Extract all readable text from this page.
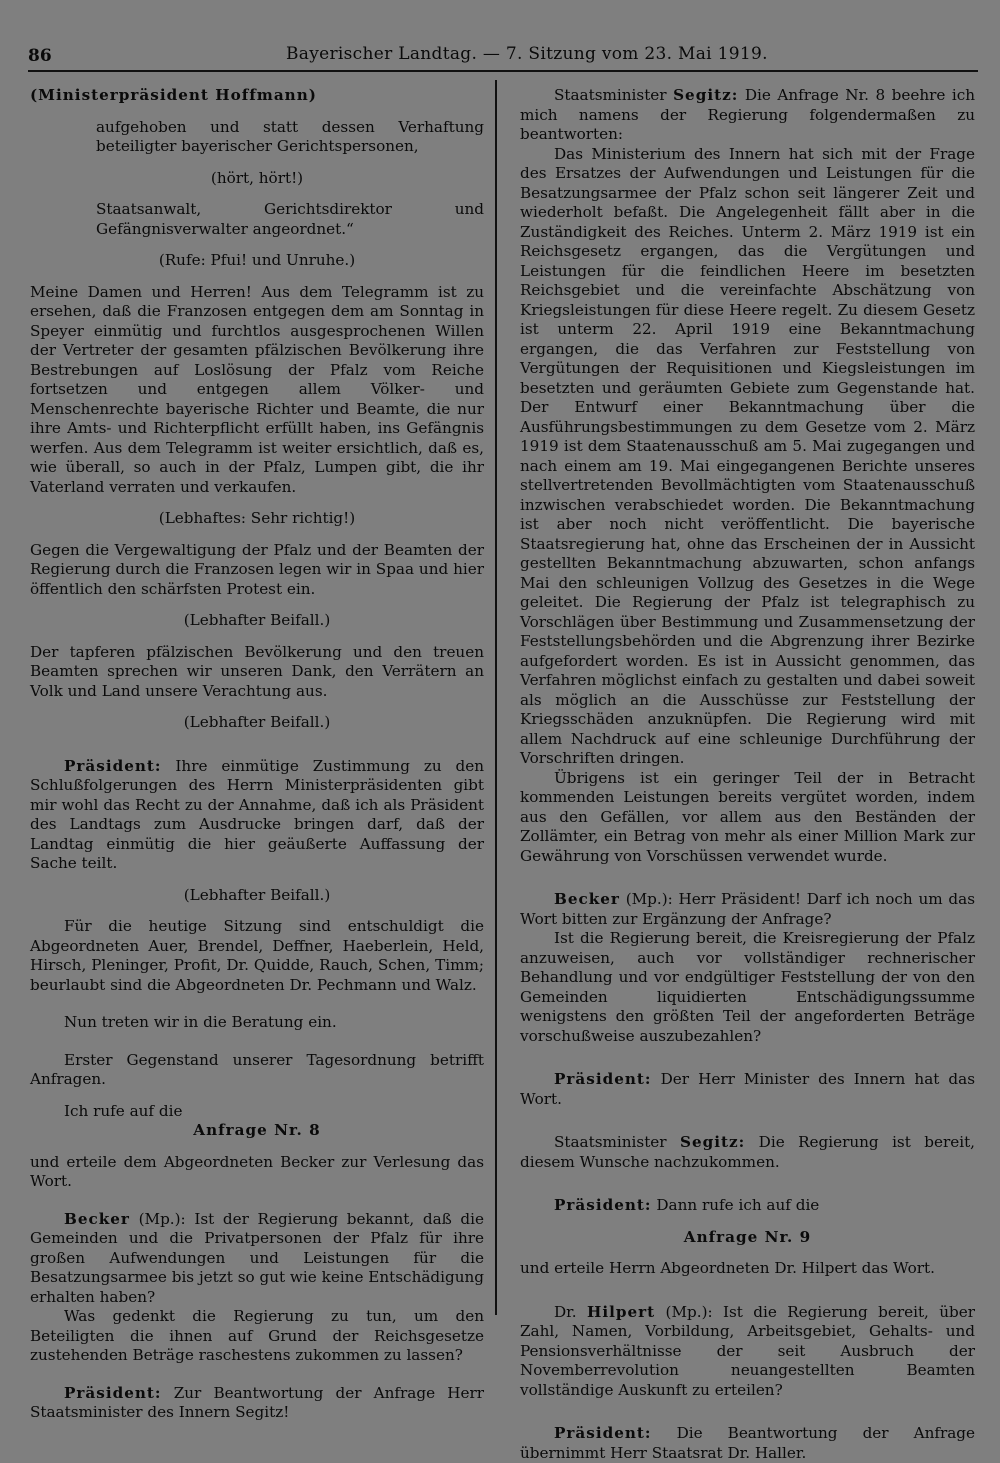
86	Bayerischer Landtag. — 7. Sitzung vom 23. Mai 1919.

(Ministerpräsident Hoffmann)

aufgehoben und statt dessen Verhaftung beteiligter bayerischer Gerichtspersonen,

(hört, hört!)

Staatsanwalt, Gerichtsdirektor und Gefängnisverwalter angeordnet.“

(Rufe: Pfui! und Unruhe.)

Meine Damen und Herren! Aus dem Telegramm ist zu ersehen, daß die Franzosen entgegen dem am Sonntag in Speyer einmütig und furchtlos ausgesprochenen Willen der Vertreter der gesamten pfälzischen Bevölkerung ihre Bestrebungen auf Loslösung der Pfalz vom Reiche fortsetzen und entgegen allem Völker- und Menschenrechte bayerische Richter und Beamte, die nur ihre Amts- und Richterpflicht erfüllt haben, ins Gefängnis werfen. Aus dem Telegramm ist weiter ersichtlich, daß es, wie überall, so auch in der Pfalz, Lumpen gibt, die ihr Vaterland verraten und verkaufen.

(Lebhaftes: Sehr richtig!)

Gegen die Vergewaltigung der Pfalz und der Beamten der Regierung durch die Franzosen legen wir in Spaa und hier öffentlich den schärfsten Protest ein.

(Lebhafter Beifall.)

Der tapferen pfälzischen Bevölkerung und den treuen Beamten sprechen wir unseren Dank, den Verrätern an Volk und Land unsere Verachtung aus.

(Lebhafter Beifall.)

Präsident: Ihre einmütige Zustimmung zu den Schlußfolgerungen des Herrn Ministerpräsidenten gibt mir wohl das Recht zu der Annahme, daß ich als Präsident des Landtags zum Ausdrucke bringen darf, daß der Landtag einmütig die hier geäußerte Auffassung der Sache teilt.

(Lebhafter Beifall.)

Für die heutige Sitzung sind entschuldigt die Abgeordneten Auer, Brendel, Deffner, Haeberlein, Held, Hirsch, Pleninger, Profit, Dr. Quidde, Rauch, Schen, Timm; beurlaubt sind die Abgeordneten Dr. Pechmann und Walz.

Nun treten wir in die Beratung ein.

Erster Gegenstand unserer Tagesordnung betrifft Anfragen.

Ich rufe auf die

Anfrage Nr. 8

und erteile dem Abgeordneten Becker zur Verlesung das Wort.

Becker (Mp.): Ist der Regierung bekannt, daß die Gemeinden und die Privatpersonen der Pfalz für ihre großen Aufwendungen und Leistungen für die Besatzungsarmee bis jetzt so gut wie keine Entschädigung erhalten haben?

Was gedenkt die Regierung zu tun, um den Beteiligten die ihnen auf Grund der Reichsgesetze zustehenden Beträge raschestens zukommen zu lassen?

Präsident: Zur Beantwortung der Anfrage Herr Staatsminister des Innern Segitz!

Staatsminister Segitz: Die Anfrage Nr. 8 beehre ich mich namens der Regierung folgendermaßen zu beantworten:

Das Ministerium des Innern hat sich mit der Frage des Ersatzes der Aufwendungen und Leistungen für die Besatzungsarmee der Pfalz schon seit längerer Zeit und wiederholt befaßt. Die Angelegenheit fällt aber in die Zuständigkeit des Reiches. Unterm 2. März 1919 ist ein Reichsgesetz ergangen, das die Vergütungen und Leistungen für die feindlichen Heere im besetzten Reichsgebiet und die vereinfachte Abschätzung von Kriegsleistungen für diese Heere regelt. Zu diesem Gesetz ist unterm 22. April 1919 eine Bekanntmachung ergangen, die das Verfahren zur Feststellung von Vergütungen der Requisitionen und Kiegsleistungen im besetzten und geräumten Gebiete zum Gegenstande hat. Der Entwurf einer Bekanntmachung über die Ausführungsbestimmungen zu dem Gesetze vom 2. März 1919 ist dem Staatenausschuß am 5. Mai zugegangen und nach einem am 19. Mai eingegangenen Berichte unseres stellvertretenden Bevollmächtigten vom Staatenausschuß inzwischen verabschiedet worden. Die Bekanntmachung ist aber noch nicht veröffentlicht. Die bayerische Staatsregierung hat, ohne das Erscheinen der in Aussicht gestellten Bekanntmachung abzuwarten, schon anfangs Mai den schleunigen Vollzug des Gesetzes in die Wege geleitet. Die Regierung der Pfalz ist telegraphisch zu Vorschlägen über Bestimmung und Zusammensetzung der Feststellungsbehörden und die Abgrenzung ihrer Bezirke aufgefordert worden. Es ist in Aussicht genommen, das Verfahren möglichst einfach zu gestalten und dabei soweit als möglich an die Ausschüsse zur Feststellung der Kriegsschäden anzuknüpfen. Die Regierung wird mit allem Nachdruck auf eine schleunige Durchführung der Vorschriften dringen.

Übrigens ist ein geringer Teil der in Betracht kommenden Leistungen bereits vergütet worden, indem aus den Gefällen, vor allem aus den Beständen der Zollämter, ein Betrag von mehr als einer Million Mark zur Gewährung von Vorschüssen verwendet wurde.

Becker (Mp.): Herr Präsident! Darf ich noch um das Wort bitten zur Ergänzung der Anfrage?

Ist die Regierung bereit, die Kreisregierung der Pfalz anzuweisen, auch vor vollständiger rechnerischer Behandlung und vor endgültiger Feststellung der von den Gemeinden liquidierten Entschädigungssumme wenigstens den größten Teil der angeforderten Beträge vorschußweise auszubezahlen?

Präsident: Der Herr Minister des Innern hat das Wort.

Staatsminister Segitz: Die Regierung ist bereit, diesem Wunsche nachzukommen.

Präsident: Dann rufe ich auf die

Anfrage Nr. 9

und erteile Herrn Abgeordneten Dr. Hilpert das Wort.

Dr. Hilpert (Mp.): Ist die Regierung bereit, über Zahl, Namen, Vorbildung, Arbeitsgebiet, Gehalts- und Pensionsverhältnisse der seit Ausbruch der Novemberrevolution neuangestellten Beamten vollständige Auskunft zu erteilen?

Präsident: Die Beantwortung der Anfrage übernimmt Herr Staatsrat Dr. Haller.
